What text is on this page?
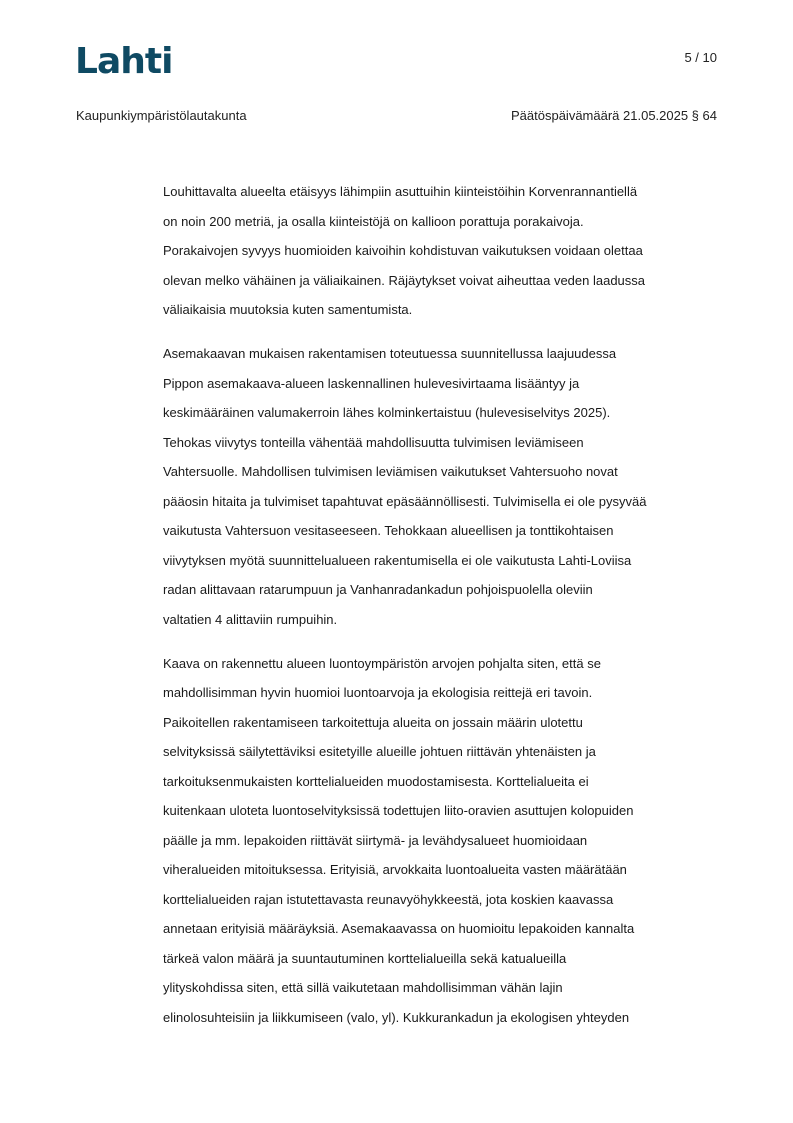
Lahti	5 / 10
Kaupunkiympäristölautakunta	Päätöspäivämäärä 21.05.2025 § 64
Louhittavalta alueelta etäisyys lähimpiin asuttuihin kiinteistöihin Korvenrannantiellä
on noin 200 metriä, ja osalla kiinteistöjä on kallioon porattuja porakaivoja.
Porakaivojen syvyys huomioiden kaivoihin kohdistuvan vaikutuksen voidaan olettaa
olevan melko vähäinen ja väliaikainen. Räjäytykset voivat aiheuttaa veden laadussa
väliaikaisia muutoksia kuten samentumista.
Asemakaavan mukaisen rakentamisen toteutuessa suunnitellussa laajuudessa
Pippon asemakaava-alueen laskennallinen hulevesivirtaama lisääntyy ja
keskimääräinen valumakerroin lähes kolminkertaistuu (hulevesiselvitys 2025).
Tehokas viivytys tonteilla vähentää mahdollisuutta tulvimisen leviämiseen
Vahtersuolle. Mahdollisen tulvimisen leviämisen vaikutukset Vahtersuoho novat
pääosin hitaita ja tulvimiset tapahtuvat epäsäännöllisesti. Tulvimisella ei ole pysyvää
vaikutusta Vahtersuon vesitaseeseen. Tehokkaan alueellisen ja tonttikohtaisen
viivytyksen myötä suunnittelualueen rakentumisella ei ole vaikutusta Lahti-Loviisa
radan alittavaan ratarumpuun ja Vanhanradankadun pohjoispuolella oleviin
valtatien 4 alittaviin rumpuihin.
Kaava on rakennettu alueen luontoympäristön arvojen pohjalta siten, että se
mahdollisimman hyvin huomioi luontoarvoja ja ekologisia reittejä eri tavoin.
Paikoitellen rakentamiseen tarkoitettuja alueita on jossain määrin ulotettu
selvityksissä säilytettäviksi esitetyille alueille johtuen riittävän yhtenäisten ja
tarkoituksenmukaisten korttelialueiden muodostamisesta. Korttelialueita ei
kuitenkaan uloteta luontoselvityksissä todettujen liito-oravien asuttujen kolopuiden
päälle ja mm. lepakoiden riittävät siirtymä- ja levähdysalueet huomioidaan
viheralueiden mitoituksessa. Erityisiä, arvokkaita luontoalueita vasten määrätään
korttelialueiden rajan istutettavasta reunavyöhykkeestä, jota koskien kaavassa
annetaan erityisiä määräyksiä. Asemakaavassa on huomioitu lepakoiden kannalta
tärkeä valon määrä ja suuntautuminen korttelialueilla sekä katualueilla
ylityskohdissa siten, että sillä vaikutetaan mahdollisimman vähän lajin
elinolosuhteisiin ja liikkumiseen (valo, yl). Kukkurankadun ja ekologisen yhteyden
